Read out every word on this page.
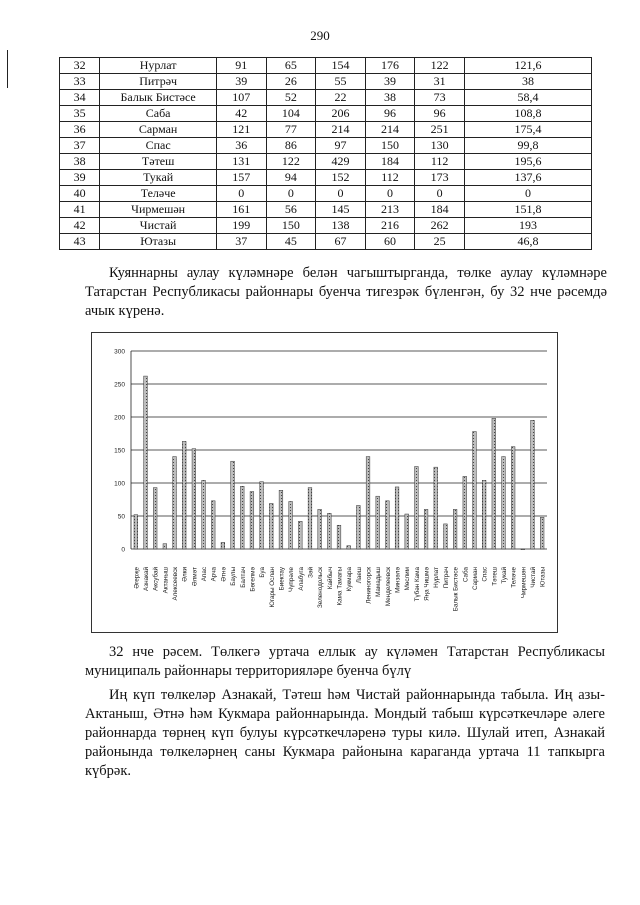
290
32	Нурлат	91	65	154	176	122	121,6
33	Питрәч	39	26	55	39	31	38
34	Балык Бистәсе	107	52	22	38	73	58,4
35	Саба	42	104	206	96	96	108,8
36	Сарман	121	77	214	214	251	175,4
37	Спас	36	86	97	150	130	99,8
38	Тәтеш	131	122	429	184	112	195,6
39	Тукай	157	94	152	112	173	137,6
40	Теләче	0	0	0	0	0	0
41	Чирмешән	161	56	145	213	184	151,8
42	Чистай	199	150	138	216	262	193
43	Ютазы	37	45	67	60	25	46,8
Куяннарны аулау күләмнәре белән чагыштырганда, төлке аулау күләмнәре Татарстан Республикасы районнары буенча тигезрәк бүленгән, бу 32 нче рәсемдә ачык күренә.
0
50
100
150
200
250
300
Әгерҗе Азнакай Аксубай Актаныш Алексеевск Әлки Әлмәт Апас Арча Әтнә Баулы Балтач Бөгелмә Буа Югары Ослан Биектау Чүпрәле Алабуга Зәй Зеленодольск Кайбыч Кама Тамагы Кукмара Лаеш Лениногорск Мамадыш Менделеевск Минзәлә Мөслим Түбән Кама Яңа Чишмә Нурлат Питрәч Балык Бистәсе Саба Сарман Спас Тәтеш Тукай Теләче Чирмешән Чистай Ютазы
32 нче рәсем. Төлкегә уртача еллык ау күләмен Татарстан Республикасы муниципаль районнары территорияләре буенча бүлү
Иң күп төлкеләр Азнакай, Тәтеш һәм Чистай районнарында табыла. Иң азы- Актаныш, Әтнә һәм Кукмара районнарында. Мондый табыш күрсәткечләре әлеге районнарда төрнең күп булуы күрсәткечләренә туры килә. Шулай итеп, Азнакай районында төлкеләрнең саны Кукмара районына караганда уртача 11 тапкырга күбрәк.
